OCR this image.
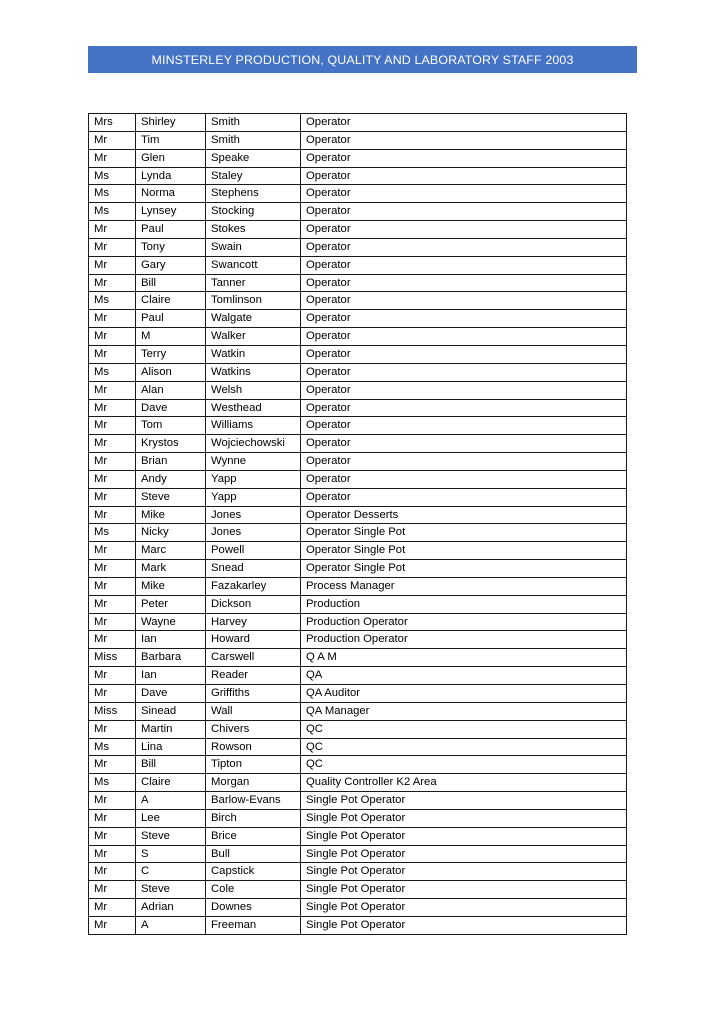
MINSTERLEY PRODUCTION, QUALITY AND LABORATORY STAFF 2003
Mrs	Shirley	Smith	Operator
Mr	Tim	Smith	Operator
Mr	Glen	Speake	Operator
Ms	Lynda	Staley	Operator
Ms	Norma	Stephens	Operator
Ms	Lynsey	Stocking	Operator
Mr	Paul	Stokes	Operator
Mr	Tony	Swain	Operator
Mr	Gary	Swancott	Operator
Mr	Bill	Tanner	Operator
Ms	Claire	Tomlinson	Operator
Mr	Paul	Walgate	Operator
Mr	M	Walker	Operator
Mr	Terry	Watkin	Operator
Ms	Alison	Watkins	Operator
Mr	Alan	Welsh	Operator
Mr	Dave	Westhead	Operator
Mr	Tom	Williams	Operator
Mr	Krystos	Wojciechowski	Operator
Mr	Brian	Wynne	Operator
Mr	Andy	Yapp	Operator
Mr	Steve	Yapp	Operator
Mr	Mike	Jones	Operator Desserts
Ms	Nicky	Jones	Operator Single Pot
Mr	Marc	Powell	Operator Single Pot
Mr	Mark	Snead	Operator Single Pot
Mr	Mike	Fazakarley	Process Manager
Mr	Peter	Dickson	Production
Mr	Wayne	Harvey	Production Operator
Mr	Ian	Howard	Production Operator
Miss	Barbara	Carswell	Q A M
Mr	Ian	Reader	QA
Mr	Dave	Griffiths	QA Auditor
Miss	Sinead	Wall	QA Manager
Mr	Martin	Chivers	QC
Ms	Lina	Rowson	QC
Mr	Bill	Tipton	QC
Ms	Claire	Morgan	Quality Controller K2 Area
Mr	A	Barlow-Evans	Single Pot Operator
Mr	Lee	Birch	Single Pot Operator
Mr	Steve	Brice	Single Pot Operator
Mr	S	Bull	Single Pot Operator
Mr	C	Capstick	Single Pot Operator
Mr	Steve	Cole	Single Pot Operator
Mr	Adrian	Downes	Single Pot Operator
Mr	A	Freeman	Single Pot Operator
